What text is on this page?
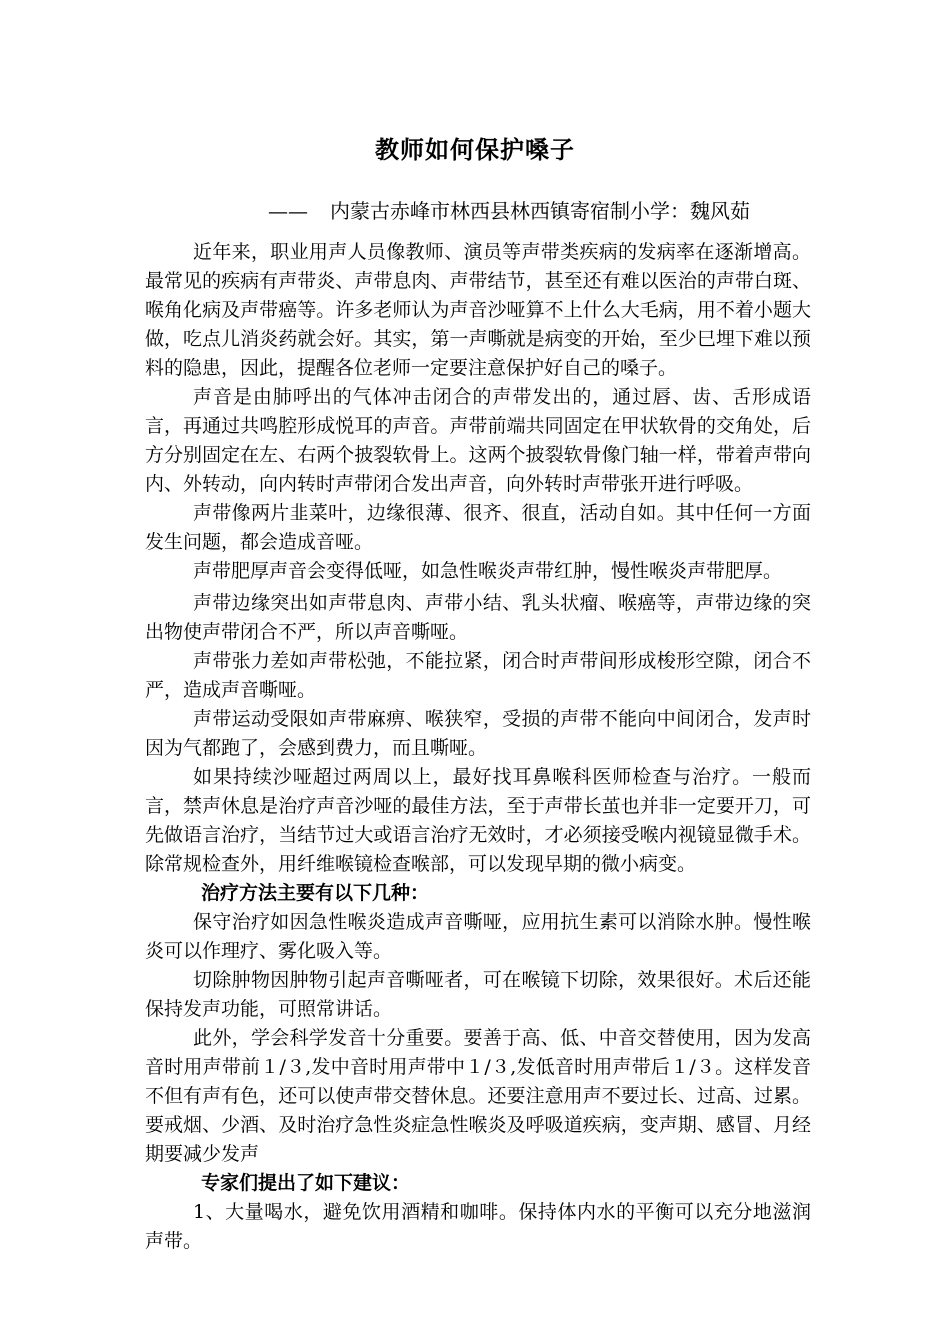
教师如何保护嗓子
—— 内蒙古赤峰市林西县林西镇寄宿制小学：魏风茹

近年来，职业用声人员像教师、演员等声带类疾病的发病率在逐渐增高。最常见的疾病有声带炎、声带息肉、声带结节，甚至还有难以医治的声带白斑、喉角化病及声带癌等。许多老师认为声音沙哑算不上什么大毛病，用不着小题大做，吃点儿消炎药就会好。其实，第一声嘶就是病变的开始，至少巳埋下难以预料的隐患，因此，提醒各位老师一定要注意保护好自己的嗓子。

声音是由肺呼出的气体冲击闭合的声带发出的，通过唇、齿、舌形成语言，再通过共鸣腔形成悦耳的声音。声带前端共同固定在甲状软骨的交角处，后方分别固定在左、右两个披裂软骨上。这两个披裂软骨像门轴一样，带着声带向内、外转动，向内转时声带闭合发出声音，向外转时声带张开进行呼吸。

声带像两片韭菜叶，边缘很薄、很齐、很直，活动自如。其中任何一方面发生问题，都会造成音哑。

声带肥厚声音会变得低哑，如急性喉炎声带红肿，慢性喉炎声带肥厚。

声带边缘突出如声带息肉、声带小结、乳头状瘤、喉癌等，声带边缘的突出物使声带闭合不严，所以声音嘶哑。

声带张力差如声带松弛，不能拉紧，闭合时声带间形成梭形空隙，闭合不严，造成声音嘶哑。

声带运动受限如声带麻痹、喉狭窄，受损的声带不能向中间闭合，发声时因为气都跑了，会感到费力，而且嘶哑。

如果持续沙哑超过两周以上，最好找耳鼻喉科医师检查与治疗。一般而言，禁声休息是治疗声音沙哑的最佳方法，至于声带长茧也并非一定要开刀，可先做语言治疗，当结节过大或语言治疗无效时，才必须接受喉内视镜显微手术。除常规检查外，用纤维喉镜检查喉部，可以发现早期的微小病变。

治疗方法主要有以下几种：

保守治疗如因急性喉炎造成声音嘶哑，应用抗生素可以消除水肿。慢性喉炎可以作理疗、雾化吸入等。

切除肿物因肿物引起声音嘶哑者，可在喉镜下切除，效果很好。术后还能保持发声功能，可照常讲话。

此外，学会科学发音十分重要。要善于高、低、中音交替使用，因为发高音时用声带前１/３,发中音时用声带中１/３,发低音时用声带后１/３。这样发音不但有声有色，还可以使声带交替休息。还要注意用声不要过长、过高、过累。要戒烟、少酒、及时治疗急性炎症急性喉炎及呼吸道疾病，变声期、感冒、月经期要减少发声

专家们提出了如下建议：

1、大量喝水，避免饮用酒精和咖啡。保持体内水的平衡可以充分地滋润声带。
